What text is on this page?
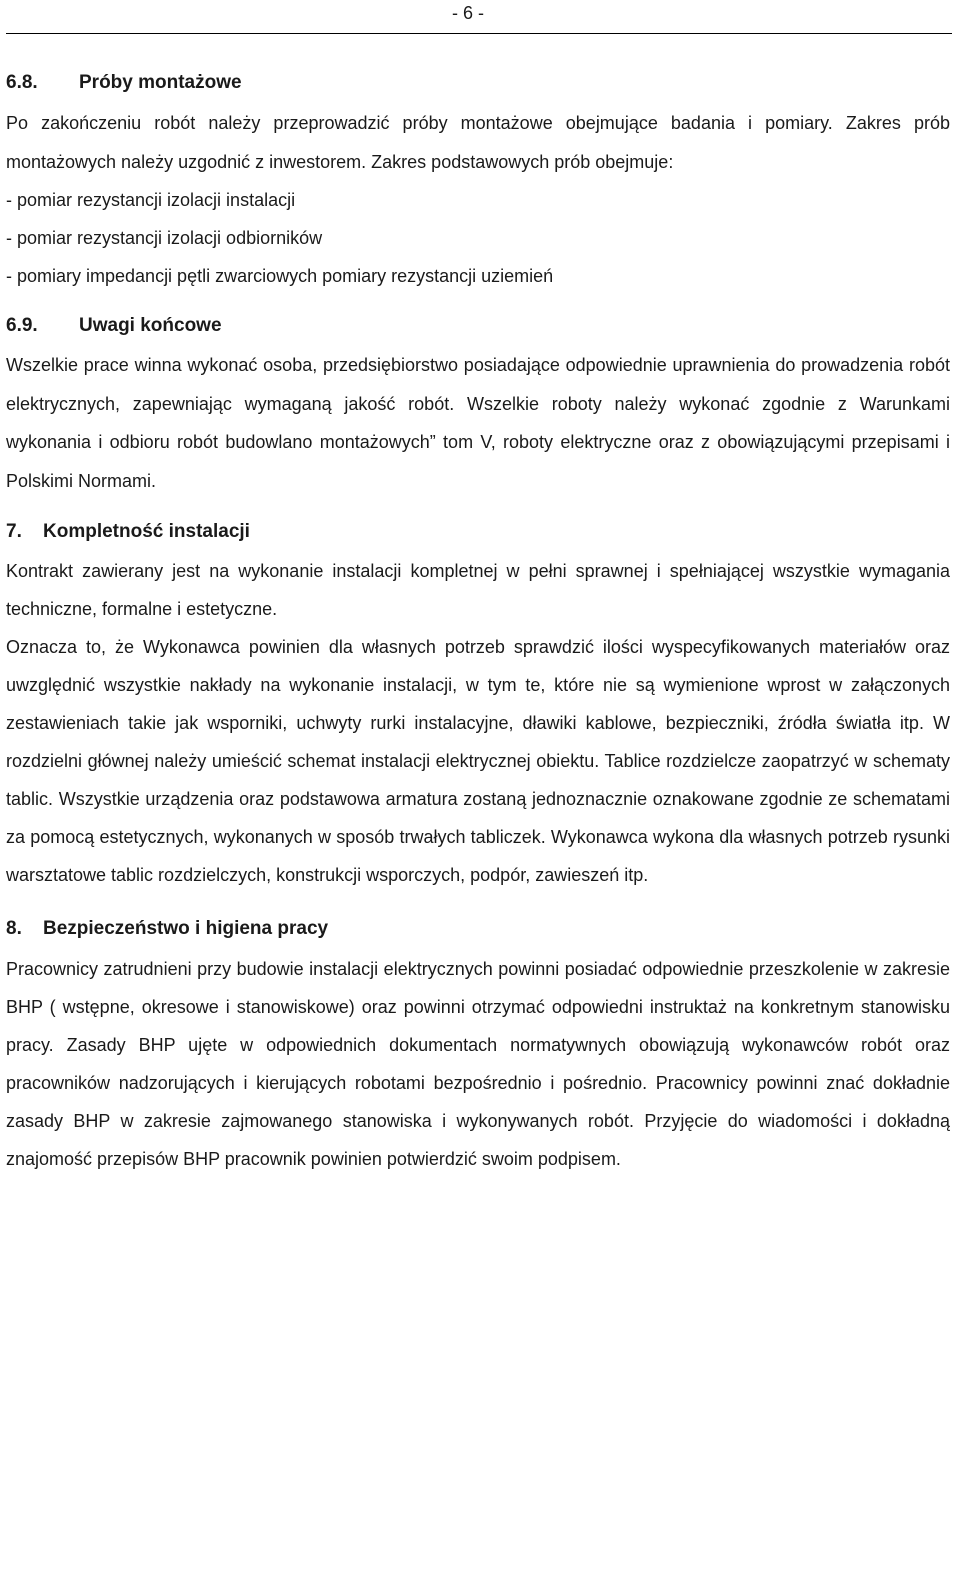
- 6 -
6.8.	Próby montażowe

Po zakończeniu robót należy przeprowadzić próby montażowe obejmujące badania i pomiary. Zakres prób montażowych należy uzgodnić z inwestorem. Zakres podstawowych prób obejmuje:

- pomiar rezystancji izolacji instalacji

- pomiar rezystancji izolacji odbiorników

- pomiary impedancji pętli zwarciowych pomiary rezystancji uziemień

6.9.	Uwagi końcowe

Wszelkie prace winna wykonać osoba, przedsiębiorstwo posiadające odpowiednie uprawnienia do prowadzenia robót elektrycznych, zapewniając wymaganą jakość robót. Wszelkie roboty należy wykonać zgodnie z Warunkami wykonania i odbioru robót budowlano montażowych” tom V, roboty elektryczne oraz z obowiązującymi przepisami i Polskimi Normami.

7.	Kompletność instalacji

Kontrakt zawierany jest na wykonanie instalacji kompletnej w pełni sprawnej i spełniającej wszystkie wymagania techniczne, formalne i estetyczne.

Oznacza to, że Wykonawca powinien dla własnych potrzeb sprawdzić ilości wyspecyfikowanych materiałów oraz uwzględnić wszystkie nakłady na wykonanie instalacji, w tym te, które nie są wymienione wprost w załączonych zestawieniach takie jak wsporniki, uchwyty rurki instalacyjne, dławiki kablowe, bezpieczniki, źródła światła itp. W rozdzielni głównej należy umieścić schemat instalacji elektrycznej obiektu. Tablice rozdzielcze zaopatrzyć w schematy tablic. Wszystkie urządzenia oraz podstawowa armatura zostaną jednoznacznie oznakowane zgodnie ze schematami za pomocą estetycznych, wykonanych w sposób trwałych tabliczek. Wykonawca wykona dla własnych potrzeb rysunki warsztatowe tablic rozdzielczych, konstrukcji wsporczych, podpór, zawieszeń itp.

8.	Bezpieczeństwo i higiena pracy

Pracownicy zatrudnieni przy budowie instalacji elektrycznych powinni posiadać odpowiednie przeszkolenie w zakresie BHP ( wstępne, okresowe i stanowiskowe) oraz powinni otrzymać odpowiedni instruktaż na konkretnym stanowisku pracy. Zasady BHP ujęte w odpowiednich dokumentach normatywnych obowiązują wykonawców robót oraz pracowników nadzorujących i kierujących robotami bezpośrednio i pośrednio. Pracownicy powinni znać dokładnie zasady BHP w zakresie zajmowanego stanowiska i wykonywanych robót. Przyjęcie do wiadomości i dokładną znajomość przepisów BHP pracownik powinien potwierdzić swoim podpisem.
